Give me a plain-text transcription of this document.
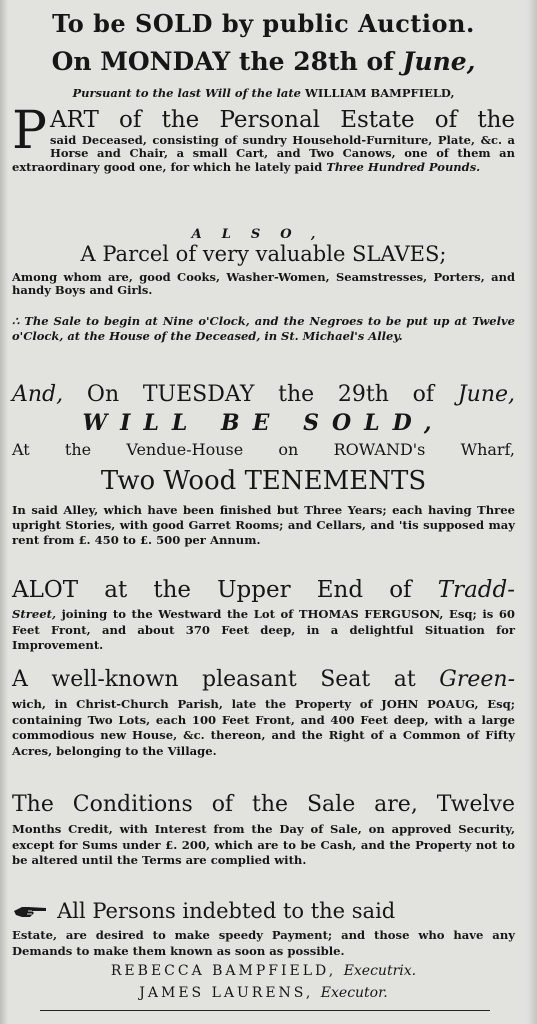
To be SOLD by public Auction.
On MONDAY the 28th of June,
Pursuant to the last Will of the late WILLIAM BAMPFIELD,
P ART of the Personal Estate of the
said Deceased, consisting of sundry Household-Furniture, Plate, &c. a Horse and Chair, a small Cart, and Two Canows, one of them an extraordinary good one, for which he lately paid Three Hundred Pounds.
ALSO,
A Parcel of very valuable SLAVES;
Among whom are, good Cooks, Washer-Women, Seamstresses, Porters, and handy Boys and Girls.
∴ The Sale to begin at Nine o'Clock, and the Negroes to be put up at Twelve o'Clock, at the House of the Deceased, in St. Michael's Alley.
And, On TUESDAY the 29th of June,
WILL BE SOLD,
At the Vendue-House on ROWAND's Wharf,
Two Wood TENEMENTS
In said Alley, which have been finished but Three Years; each having Three upright Stories, with good Garret Rooms; and Cellars, and 'tis supposed may rent from £. 450 to £. 500 per Annum.
ALOT at the Upper End of Tradd-
Street, joining to the Westward the Lot of THOMAS FERGUSON, Esq; is 60 Feet Front, and about 370 Feet deep, in a delightful Situation for Improvement.
A well-known pleasant Seat at Green-
wich, in Christ-Church Parish, late the Property of JOHN POAUG, Esq; containing Two Lots, each 100 Feet Front, and 400 Feet deep, with a large commodious new House, &c. thereon, and the Right of a Common of Fifty Acres, belonging to the Village.
The Conditions of the Sale are, Twelve
Months Credit, with Interest from the Day of Sale, on approved Security, except for Sums under £. 200, which are to be Cash, and the Property not to be altered until the Terms are complied with.
All Persons indebted to the said
Estate, are desired to make speedy Payment; and those who have any Demands to make them known as soon as possible.
REBECCA BAMPFIELD, Executrix.
JAMES LAURENS, Executor.
